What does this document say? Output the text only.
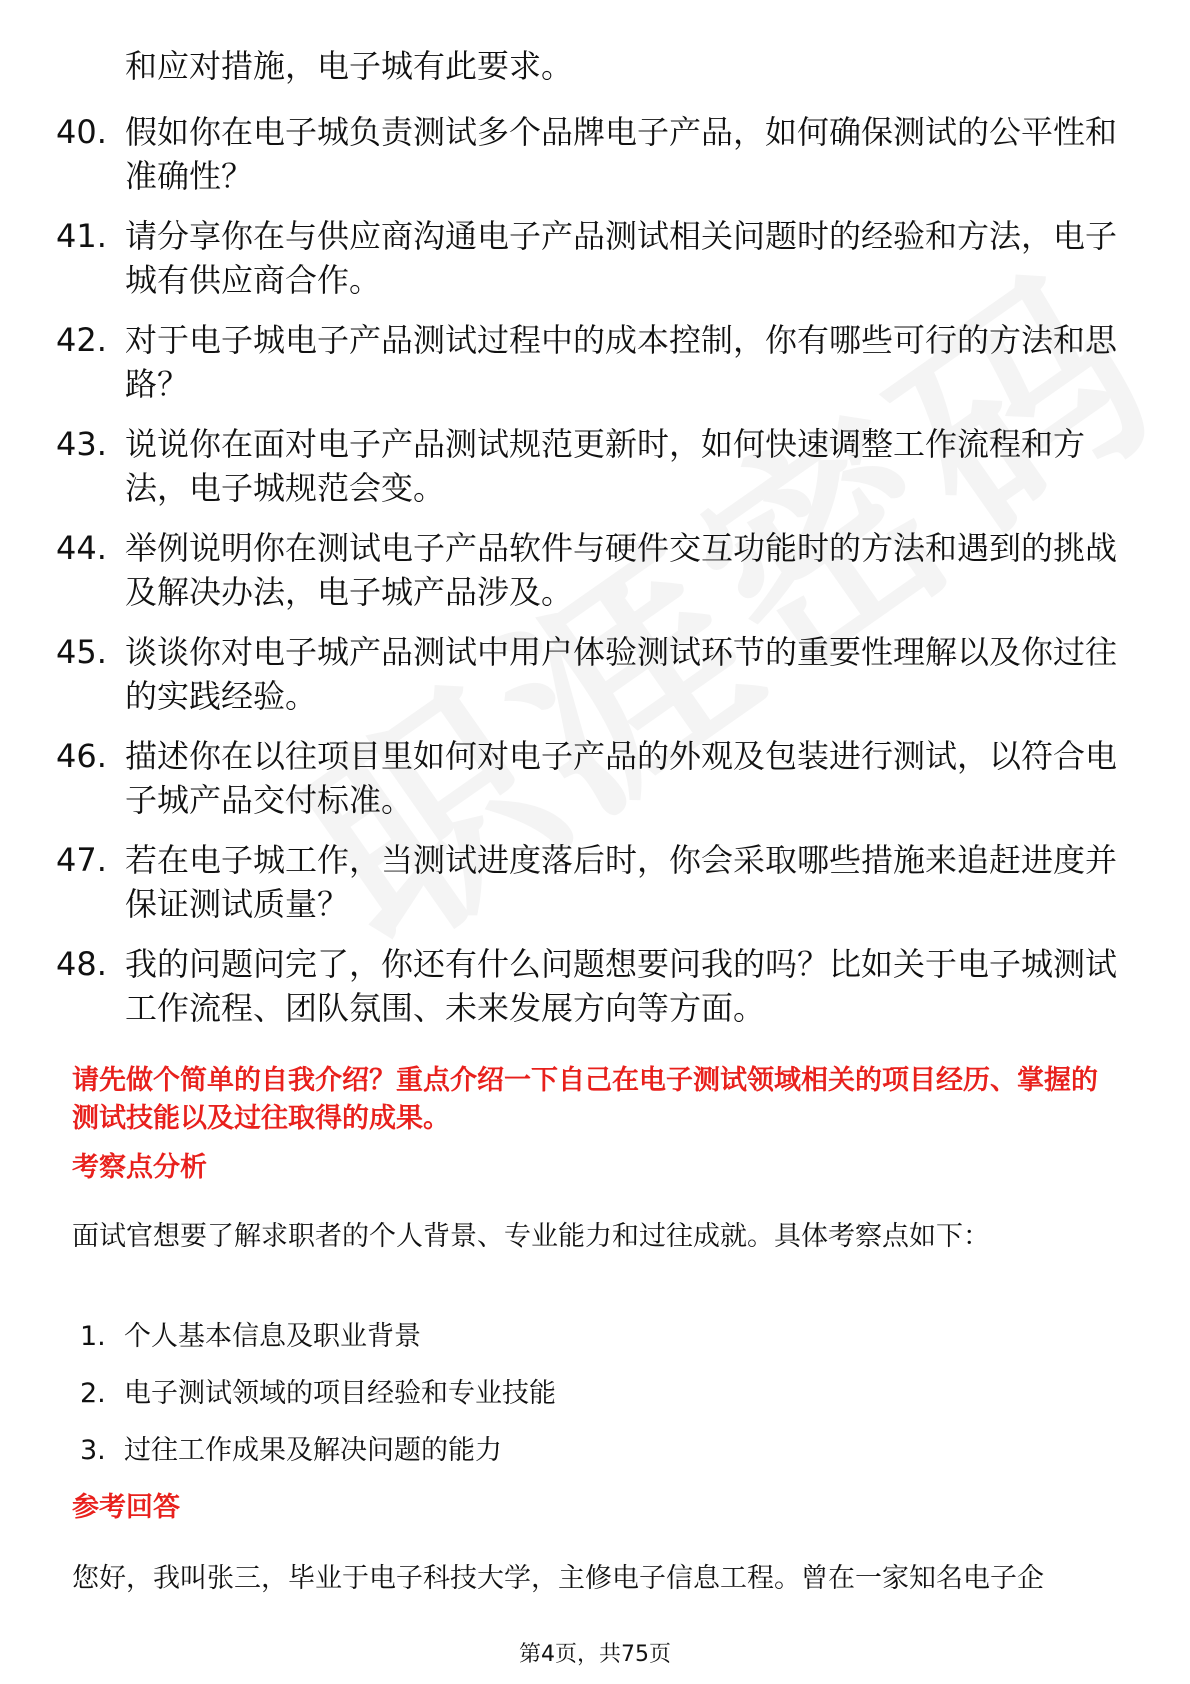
和应对措施，电子城有此要求。
40. 假如你在电子城负责测试多个品牌电子产品，如何确保测试的公平性和准确性？
41. 请分享你在与供应商沟通电子产品测试相关问题时的经验和方法，电子城有供应商合作。
42. 对于电子城电子产品测试过程中的成本控制，你有哪些可行的方法和思路？
43. 说说你在面对电子产品测试规范更新时，如何快速调整工作流程和方法，电子城规范会变。
44. 举例说明你在测试电子产品软件与硬件交互功能时的方法和遇到的挑战及解决办法，电子城产品涉及。
45. 谈谈你对电子城产品测试中用户体验测试环节的重要性理解以及你过往的实践经验。
46. 描述你在以往项目里如何对电子产品的外观及包装进行测试，以符合电子城产品交付标准。
47. 若在电子城工作，当测试进度落后时，你会采取哪些措施来追赶进度并保证测试质量？
48. 我的问题问完了，你还有什么问题想要问我的吗？比如关于电子城测试工作流程、团队氛围、未来发展方向等方面。
请先做个简单的自我介绍？重点介绍一下自己在电子测试领域相关的项目经历、掌握的测试技能以及过往取得的成果。
考察点分析
面试官想要了解求职者的个人背景、专业能力和过往成就。具体考察点如下：
1. 个人基本信息及职业背景
2. 电子测试领域的项目经验和专业技能
3. 过往工作成果及解决问题的能力
参考回答
您好，我叫张三，毕业于电子科技大学，主修电子信息工程。曾在一家知名电子企
第4页，共75页
